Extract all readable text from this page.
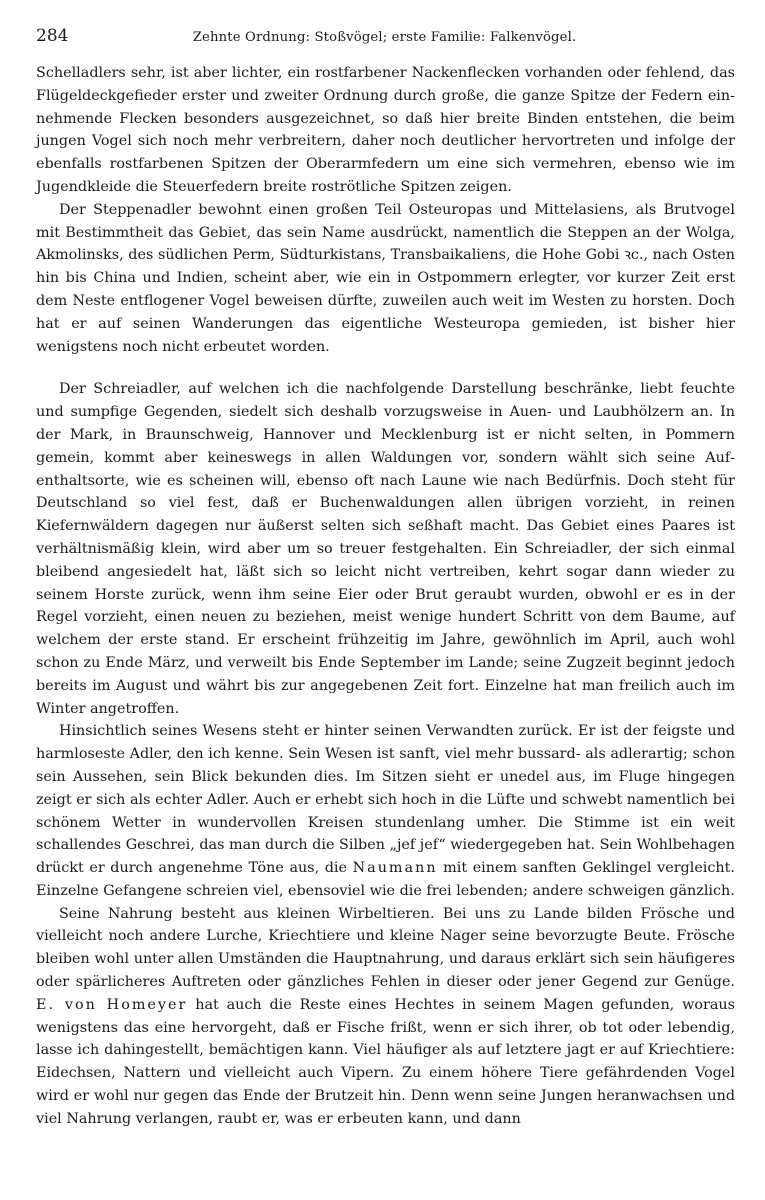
284	Zehnte Ordnung: Stoßvögel; erste Familie: Falkenvögel.

Schelladlers sehr, ist aber lichter, ein rostfarbener Nackenflecken vorhanden oder fehlend, das Flügeldeckgefieder erster und zweiter Ordnung durch große, die ganze Spitze der Federn einnehmende Flecken besonders ausgezeichnet, so daß hier breite Binden entstehen, die beim jungen Vogel sich noch mehr verbreitern, daher noch deutlicher hervortreten und infolge der ebenfalls rostfarbenen Spitzen der Oberarmfedern um eine sich vermehren, ebenso wie im Jugendkleide die Steuerfedern breite roströtliche Spitzen zeigen.

Der Steppenadler bewohnt einen großen Teil Osteuropas und Mittelasiens, als Brutvogel mit Bestimmtheit das Gebiet, das sein Name ausdrückt, namentlich die Steppen an der Wolga, Akmolinsks, des südlichen Perm, Südturkistans, Transbaikaliens, die Hohe Gobi ꝛc., nach Osten hin bis China und Indien, scheint aber, wie ein in Ostpommern erlegter, vor kurzer Zeit erst dem Neste entflogener Vogel beweisen dürfte, zuweilen auch weit im Westen zu horsten. Doch hat er auf seinen Wanderungen das eigentliche Westeuropa gemieden, ist bisher hier wenigstens noch nicht erbeutet worden.

Der Schreiadler, auf welchen ich die nachfolgende Darstellung beschränke, liebt feuchte und sumpfige Gegenden, siedelt sich deshalb vorzugsweise in Auen- und Laubhölzern an. In der Mark, in Braunschweig, Hannover und Mecklenburg ist er nicht selten, in Pommern gemein, kommt aber keineswegs in allen Waldungen vor, sondern wählt sich seine Aufenthaltsorte, wie es scheinen will, ebenso oft nach Laune wie nach Bedürfnis. Doch steht für Deutschland so viel fest, daß er Buchenwaldungen allen übrigen vorzieht, in reinen Kiefernwäldern dagegen nur äußerst selten sich seßhaft macht. Das Gebiet eines Paares ist verhältnismäßig klein, wird aber um so treuer festgehalten. Ein Schreiadler, der sich einmal bleibend angesiedelt hat, läßt sich so leicht nicht vertreiben, kehrt sogar dann wieder zu seinem Horste zurück, wenn ihm seine Eier oder Brut geraubt wurden, obwohl er es in der Regel vorzieht, einen neuen zu beziehen, meist wenige hundert Schritt von dem Baume, auf welchem der erste stand. Er erscheint frühzeitig im Jahre, gewöhnlich im April, auch wohl schon zu Ende März, und verweilt bis Ende September im Lande; seine Zugzeit beginnt jedoch bereits im August und währt bis zur angegebenen Zeit fort. Einzelne hat man freilich auch im Winter angetroffen.

Hinsichtlich seines Wesens steht er hinter seinen Verwandten zurück. Er ist der feigste und harmloseste Adler, den ich kenne. Sein Wesen ist sanft, viel mehr bussard- als adlerartig; schon sein Aussehen, sein Blick bekunden dies. Im Sitzen sieht er unedel aus, im Fluge hingegen zeigt er sich als echter Adler. Auch er erhebt sich hoch in die Lüfte und schwebt namentlich bei schönem Wetter in wundervollen Kreisen stundenlang umher. Die Stimme ist ein weit schallendes Geschrei, das man durch die Silben „jef jef“ wiedergegeben hat. Sein Wohlbehagen drückt er durch angenehme Töne aus, die Naumann mit einem sanften Geklingel vergleicht. Einzelne Gefangene schreien viel, ebensoviel wie die frei lebenden; andere schweigen gänzlich.

Seine Nahrung besteht aus kleinen Wirbeltieren. Bei uns zu Lande bilden Frösche und vielleicht noch andere Lurche, Kriechtiere und kleine Nager seine bevorzugte Beute. Frösche bleiben wohl unter allen Umständen die Hauptnahrung, und daraus erklärt sich sein häufigeres oder spärlicheres Auftreten oder gänzliches Fehlen in dieser oder jener Gegend zur Genüge. E. von Homeyer hat auch die Reste eines Hechtes in seinem Magen gefunden, woraus wenigstens das eine hervorgeht, daß er Fische frißt, wenn er sich ihrer, ob tot oder lebendig, lasse ich dahingestellt, bemächtigen kann. Viel häufiger als auf letztere jagt er auf Kriechtiere: Eidechsen, Nattern und vielleicht auch Vipern. Zu einem höhere Tiere gefährdenden Vogel wird er wohl nur gegen das Ende der Brutzeit hin. Denn wenn seine Jungen heranwachsen und viel Nahrung verlangen, raubt er, was er erbeuten kann, und dann
